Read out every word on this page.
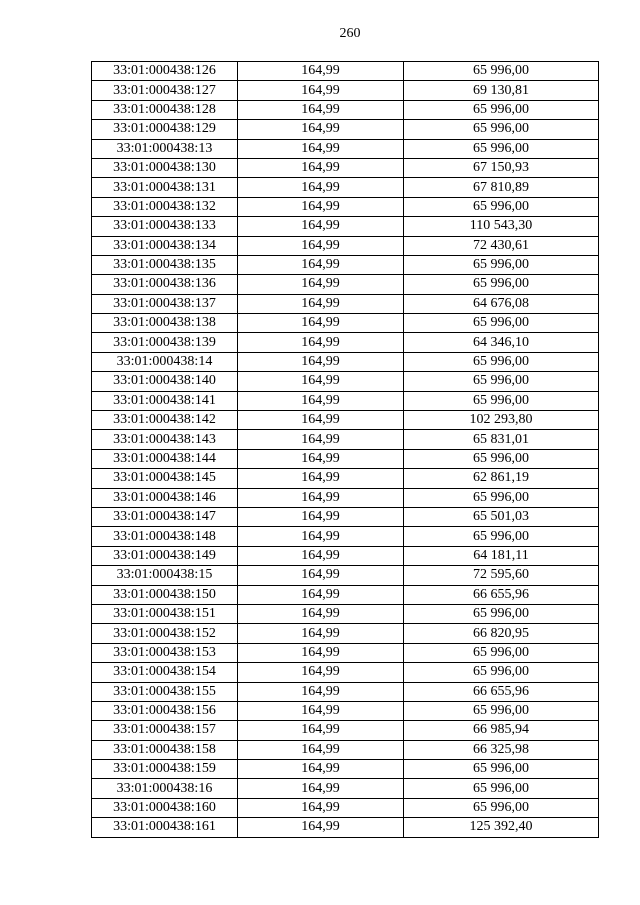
260
33:01:000438:126	164,99	65 996,00
33:01:000438:127	164,99	69 130,81
33:01:000438:128	164,99	65 996,00
33:01:000438:129	164,99	65 996,00
33:01:000438:13	164,99	65 996,00
33:01:000438:130	164,99	67 150,93
33:01:000438:131	164,99	67 810,89
33:01:000438:132	164,99	65 996,00
33:01:000438:133	164,99	110 543,30
33:01:000438:134	164,99	72 430,61
33:01:000438:135	164,99	65 996,00
33:01:000438:136	164,99	65 996,00
33:01:000438:137	164,99	64 676,08
33:01:000438:138	164,99	65 996,00
33:01:000438:139	164,99	64 346,10
33:01:000438:14	164,99	65 996,00
33:01:000438:140	164,99	65 996,00
33:01:000438:141	164,99	65 996,00
33:01:000438:142	164,99	102 293,80
33:01:000438:143	164,99	65 831,01
33:01:000438:144	164,99	65 996,00
33:01:000438:145	164,99	62 861,19
33:01:000438:146	164,99	65 996,00
33:01:000438:147	164,99	65 501,03
33:01:000438:148	164,99	65 996,00
33:01:000438:149	164,99	64 181,11
33:01:000438:15	164,99	72 595,60
33:01:000438:150	164,99	66 655,96
33:01:000438:151	164,99	65 996,00
33:01:000438:152	164,99	66 820,95
33:01:000438:153	164,99	65 996,00
33:01:000438:154	164,99	65 996,00
33:01:000438:155	164,99	66 655,96
33:01:000438:156	164,99	65 996,00
33:01:000438:157	164,99	66 985,94
33:01:000438:158	164,99	66 325,98
33:01:000438:159	164,99	65 996,00
33:01:000438:16	164,99	65 996,00
33:01:000438:160	164,99	65 996,00
33:01:000438:161	164,99	125 392,40
